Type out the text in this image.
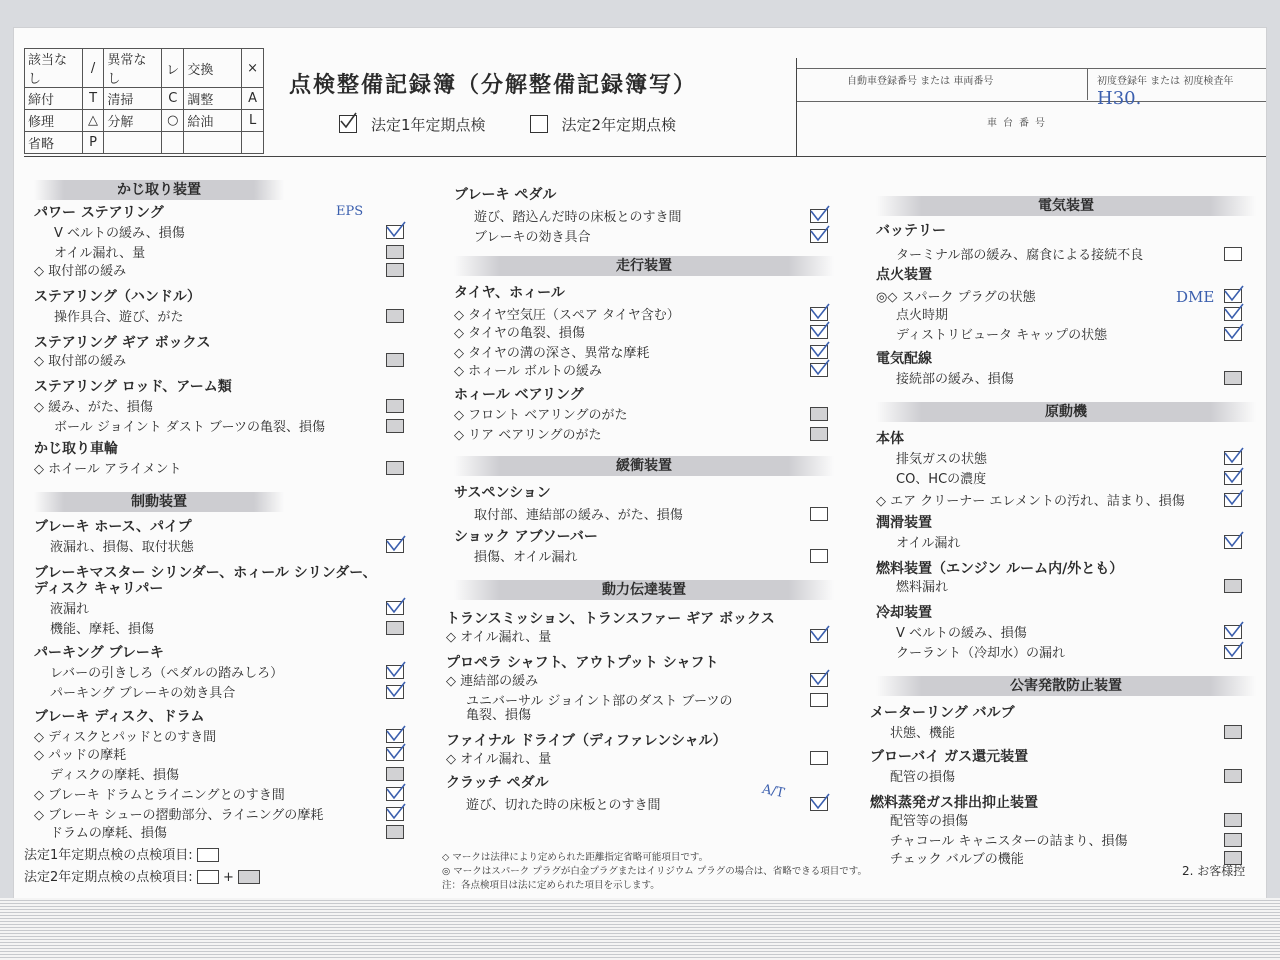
該当なし	/	異常なし	レ	交換	×
締付	T	清掃	C	調整	A
修理	△	分解	○	給油	L
省略	P				
点検整備記録簿（分解整備記録簿写）
法定1年定期点検	法定2年定期点検
自動車登録番号 または 車両番号	初度登録年 または 初度検査年
車台番号
H30.
EPS
DME
A/T
かじ取り装置
パワー ステアリング
V ベルトの緩み、損傷
オイル漏れ、量
◇ 取付部の緩み
ステアリング（ハンドル）
操作具合、遊び、がた
ステアリング ギア ボックス
◇ 取付部の緩み
ステアリング ロッド、アーム類
◇ 緩み、がた、損傷
ボール ジョイント ダスト ブーツの亀裂、損傷
かじ取り車輪
◇ ホイール アライメント
制動装置
ブレーキ ホース、パイプ
液漏れ、損傷、取付状態
ブレーキマスター シリンダー、ホィール シリンダー、
ディスク キャリパー
液漏れ
機能、摩耗、損傷
パーキング ブレーキ
レバーの引きしろ（ペダルの踏みしろ）
パーキング ブレーキの効き具合
ブレーキ ディスク、ドラム
◇ ディスクとパッドとのすき間
◇ パッドの摩耗
ディスクの摩耗、損傷
◇ ブレーキ ドラムとライニングとのすき間
◇ ブレーキ シューの摺動部分、ライニングの摩耗
ドラムの摩耗、損傷
ブレーキ ペダル
遊び、踏込んだ時の床板とのすき間
ブレーキの効き具合
走行装置
タイヤ、ホィール
◇ タイヤ空気圧（スペア タイヤ含む）
◇ タイヤの亀裂、損傷
◇ タイヤの溝の深さ、異常な摩耗
◇ ホィール ボルトの緩み
ホィール ベアリング
◇ フロント ベアリングのがた
◇ リア ベアリングのがた
緩衝装置
サスペンション
取付部、連結部の緩み、がた、損傷
ショック アブソーバー
損傷、オイル漏れ
動力伝達装置
トランスミッション、トランスファー ギア ボックス
◇ オイル漏れ、量
プロペラ シャフト、アウトプット シャフト
◇ 連結部の緩み
ユニバーサル ジョイント部のダスト ブーツの
亀裂、損傷
ファイナル ドライブ（ディファレンシャル）
◇ オイル漏れ、量
クラッチ ペダル
遊び、切れた時の床板とのすき間
電気装置
バッテリー
ターミナル部の緩み、腐食による接続不良
点火装置
◎◇ スパーク プラグの状態
点火時期
ディストリビュータ キャップの状態
電気配線
接続部の緩み、損傷
原動機
本体
排気ガスの状態
CO、HCの濃度
◇ エア クリーナー エレメントの汚れ、詰まり、損傷
潤滑装置
オイル漏れ
燃料装置（エンジン ルーム内/外とも）
燃料漏れ
冷却装置
V ベルトの緩み、損傷
クーラント（冷却水）の漏れ
公害発散防止装置
メーターリング バルブ
状態、機能
ブローバイ ガス還元装置
配管の損傷
燃料蒸発ガス排出抑止装置
配管等の損傷
チャコール キャニスターの詰まり、損傷
チェック バルブの機能
法定1年定期点検の点検項目:
法定2年定期点検の点検項目: +
◇ マークは法律により定められた距離指定省略可能項目です。
◎ マークはスパーク プラグが白金プラグまたはイリジウム プラグの場合は、省略できる項目です。
注：各点検項目は法に定められた項目を示します。
2. お客様控
